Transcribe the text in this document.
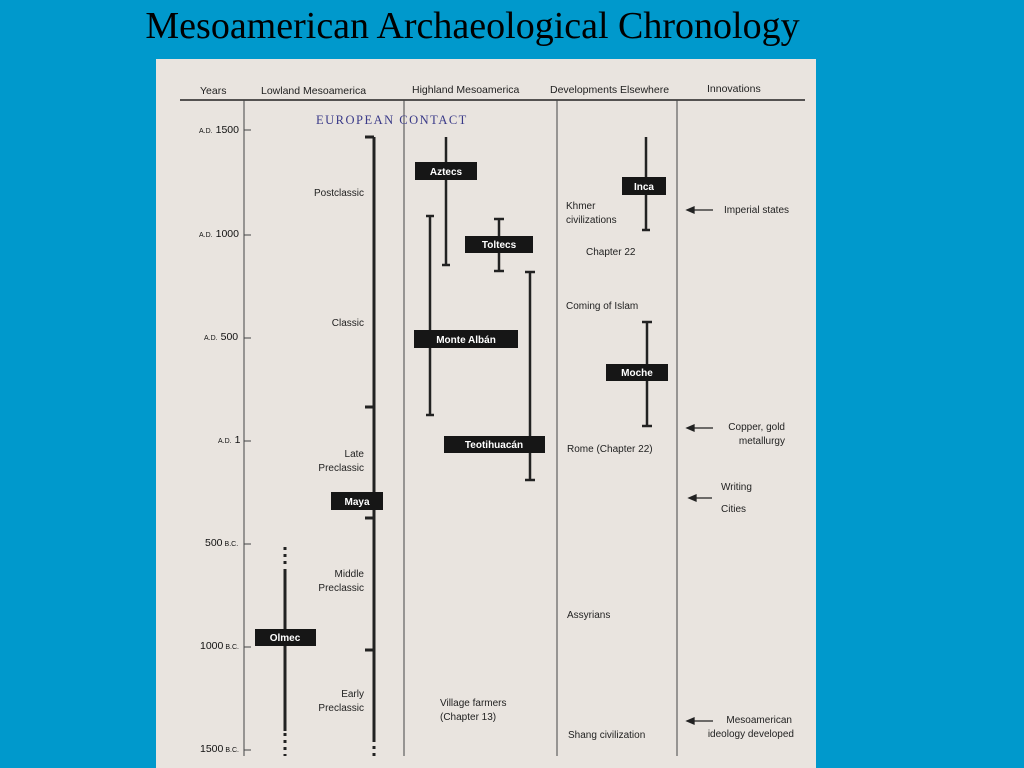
Mesoamerican Archaeological Chronology
Years	Lowland Mesoamerica	Highland Mesoamerica	Developments Elsewhere	Innovations
A.D. 1500
A.D. 1000
A.D. 500
A.D. 1
500 B.C.
1000 B.C.
1500 B.C.
EUROPEAN CONTACT
Postclassic
Classic
Late
Preclassic
Middle
Preclassic
Early
Preclassic
Aztecs
Inca
Toltecs
Monte Albán
Moche
Teotihuacán
Maya
Olmec
Khmer
civilizations
Chapter 22
Coming of Islam
Rome (Chapter 22)
Assyrians
Shang civilization
Village farmers
(Chapter 13)
Imperial states
Copper, gold
metallurgy
Writing
Cities
Mesoamerican
ideology developed
